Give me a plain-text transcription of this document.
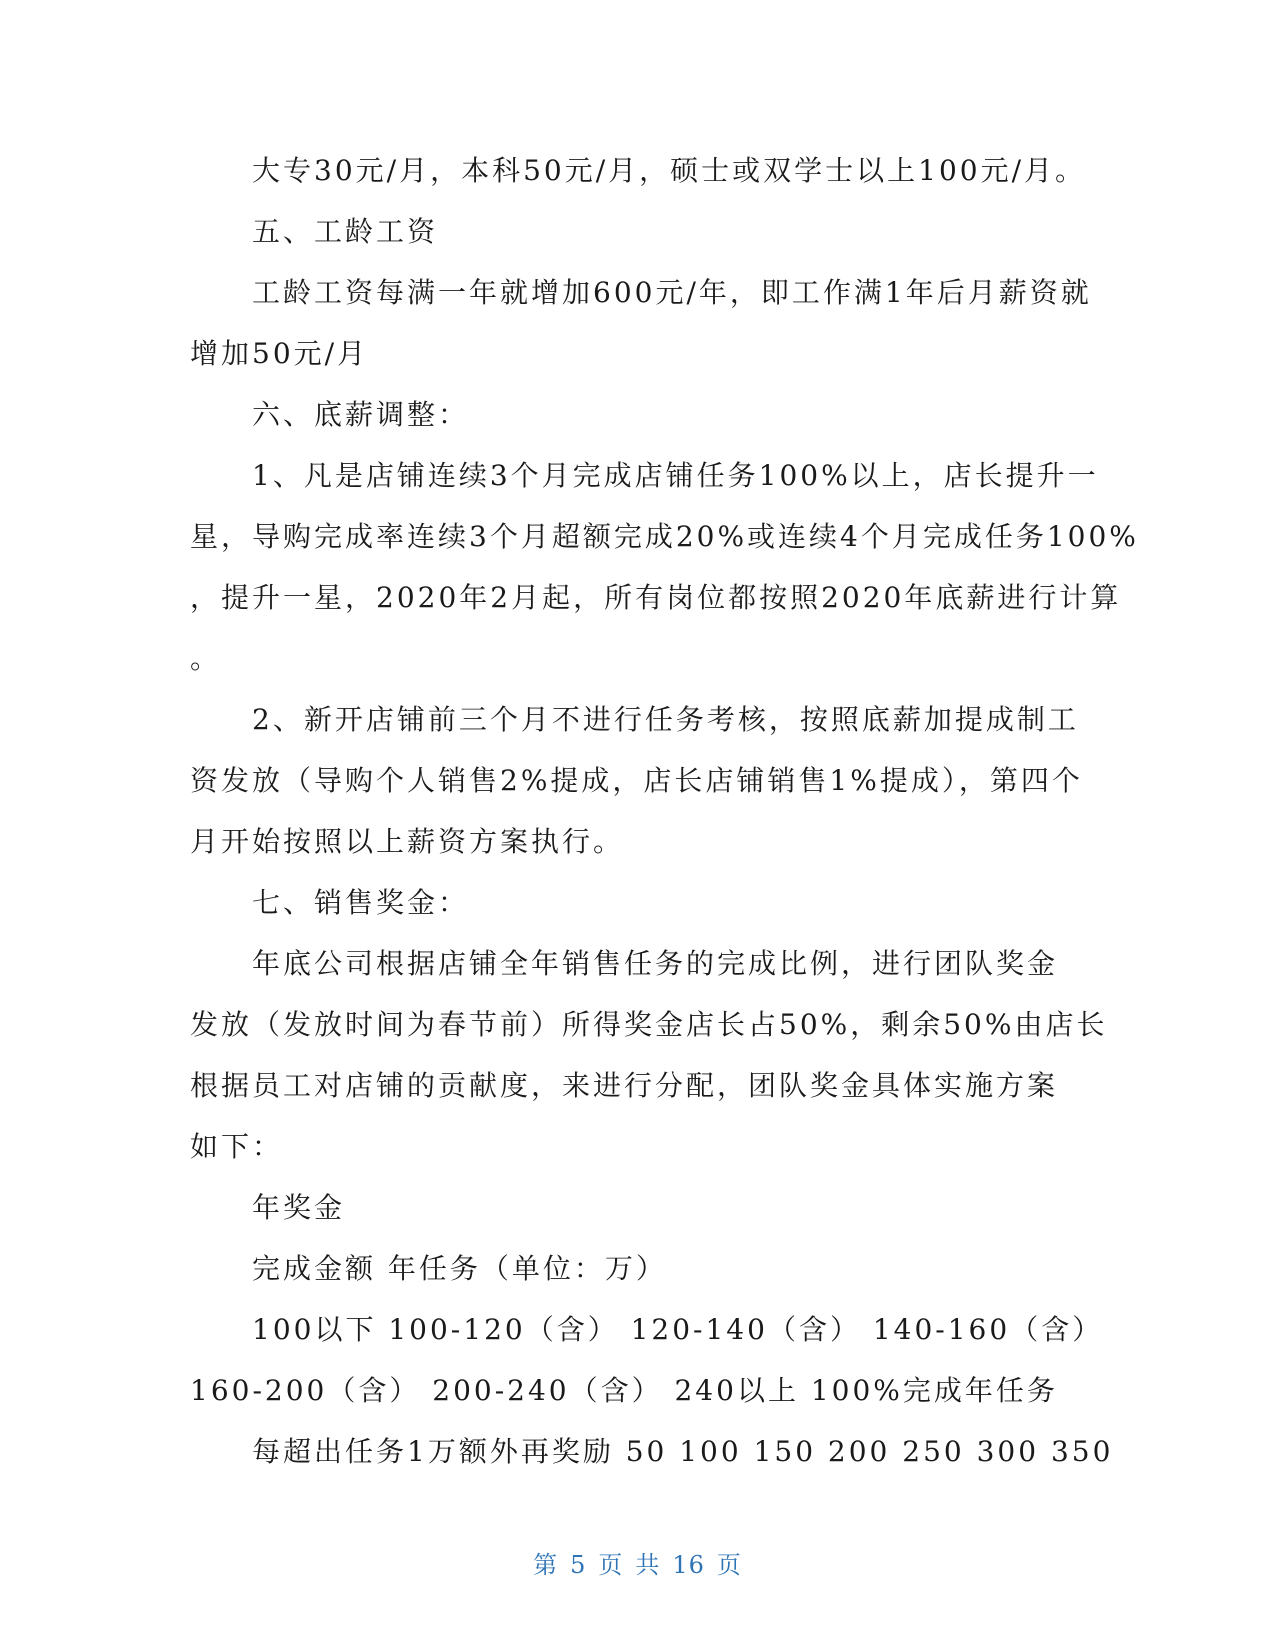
大专30元/月，本科50元/月，硕士或双学士以上100元/月。
五、工龄工资
工龄工资每满一年就增加600元/年，即工作满1年后月薪资就
增加50元/月
六、底薪调整：
1、凡是店铺连续3个月完成店铺任务100%以上，店长提升一
星，导购完成率连续3个月超额完成20%或连续4个月完成任务100%
，提升一星，2020年2月起，所有岗位都按照2020年底薪进行计算
。
2、新开店铺前三个月不进行任务考核，按照底薪加提成制工
资发放（导购个人销售2%提成，店长店铺销售1%提成），第四个
月开始按照以上薪资方案执行。
七、销售奖金：
年底公司根据店铺全年销售任务的完成比例，进行团队奖金
发放（发放时间为春节前）所得奖金店长占50%，剩余50%由店长
根据员工对店铺的贡献度，来进行分配，团队奖金具体实施方案
如下：
年奖金
完成金额 年任务（单位：万）
100以下 100-120（含） 120-140（含） 140-160（含）
160-200（含） 200-240（含） 240以上 100%完成年任务
每超出任务1万额外再奖励 50 100 150 200 250 300 350
第 5 页 共 16 页
